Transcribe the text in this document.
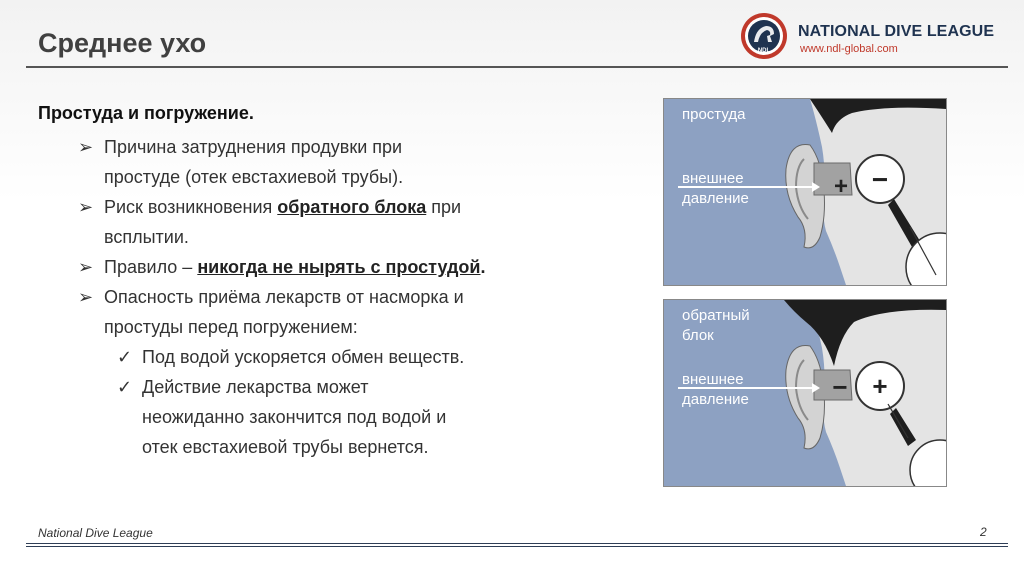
Среднее ухо	NDL
NATIONAL DIVE LEAGUE
www.ndl-global.com

Простуда и погружение.

➢ Причина затруднения продувки при
простуде (отек евстахиевой трубы).
➢ Риск возникновения обратного блока при
всплытии.
➢ Правило – никогда не нырять с простудой.
➢ Опасность приёма лекарств от насморка и
простуды перед погружением:
✓ Под водой ускоряется обмен веществ.
✓ Действие лекарства может
неожиданно закончится под водой и
отек евстахиевой трубы вернется.
+ −
простуда
внешнее
давление
− +
обратный
блок
внешнее
давление
National Dive League	2
